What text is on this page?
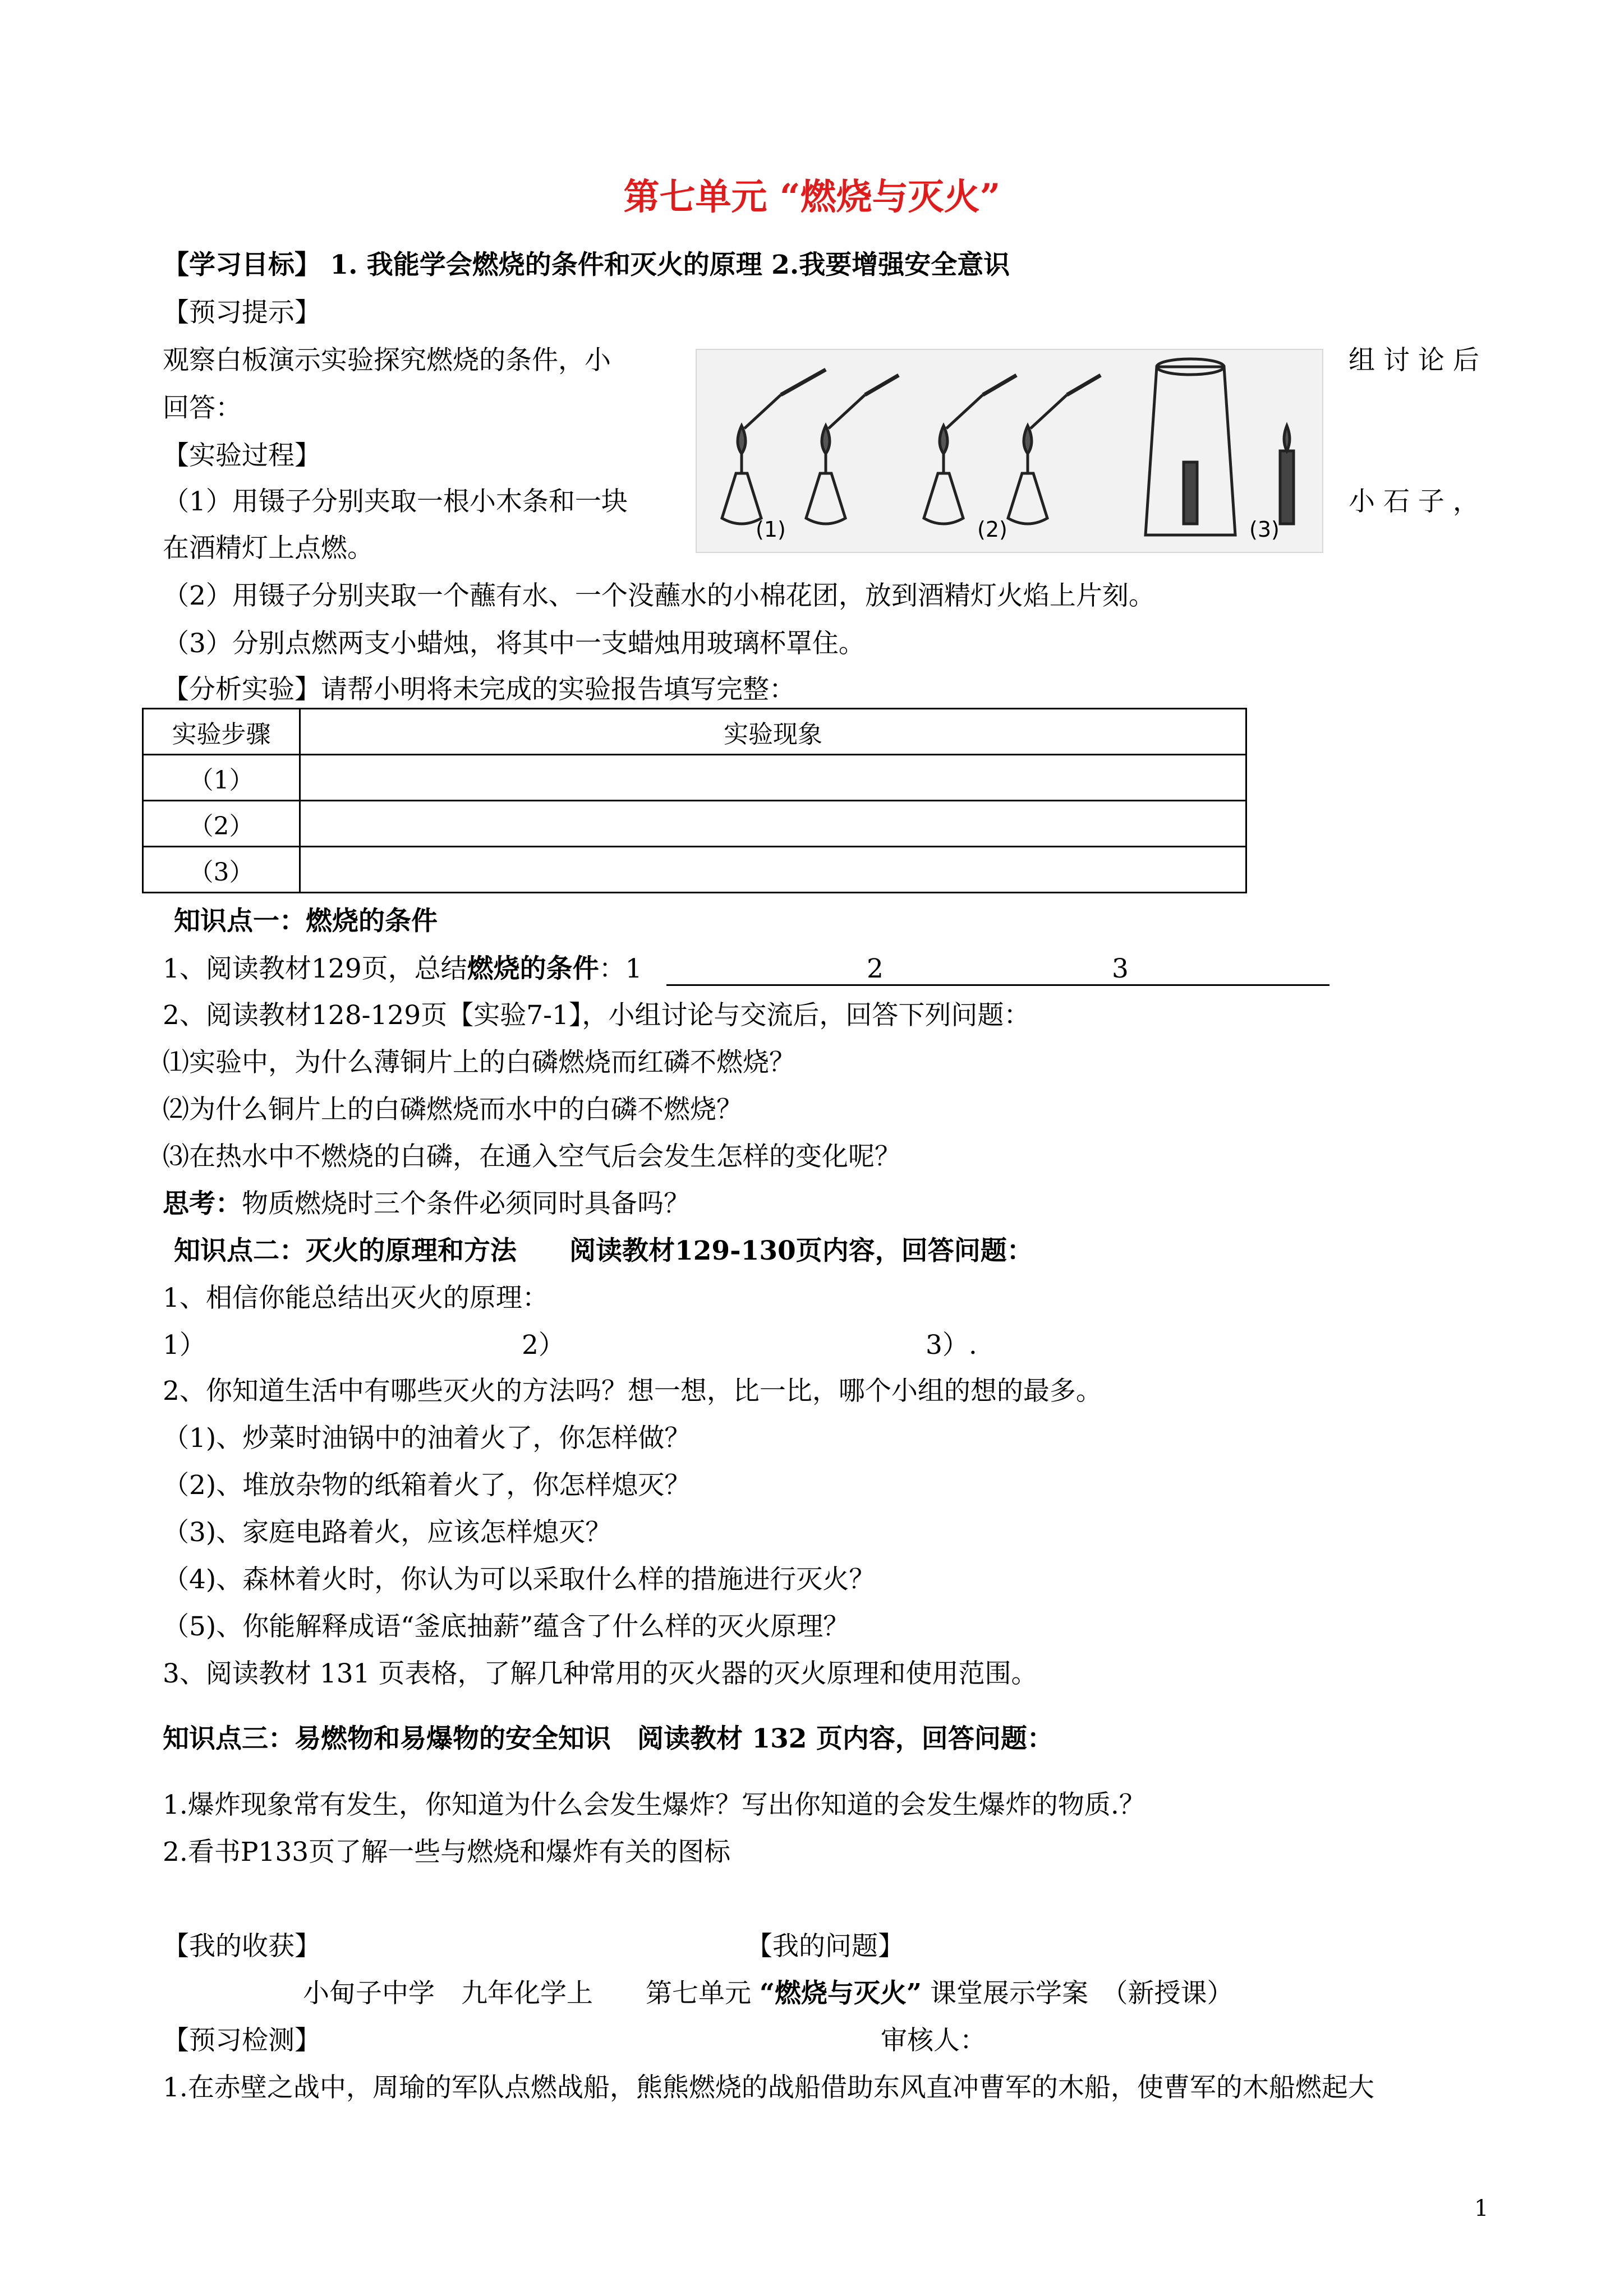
第七单元 “燃烧与灭火”
【学习目标】 1. 我能学会燃烧的条件和灭火的原理 2.我要增强安全意识
【预习提示】
观察白板演示实验探究燃烧的条件，小	组 讨 论 后
回答：
【实验过程】
（1）用镊子分别夹取一根小木条和一块	小 石 子 ，
在酒精灯上点燃。
（2）用镊子分别夹取一个蘸有水、一个没蘸水的小棉花团，放到酒精灯火焰上片刻。
（3）分别点燃两支小蜡烛，将其中一支蜡烛用玻璃杯罩住。
【分析实验】请帮小明将未完成的实验报告填写完整：
(1)	(2)	(3)
实验步骤	实验现象
（1）	
（2）	
（3）	
知识点一：燃烧的条件
1、阅读教材129页，总结燃烧的条件：1	2	3
2、阅读教材128-129页【实验7-1】，小组讨论与交流后，回答下列问题：
⑴实验中，为什么薄铜片上的白磷燃烧而红磷不燃烧？
⑵为什么铜片上的白磷燃烧而水中的白磷不燃烧？
⑶在热水中不燃烧的白磷，在通入空气后会发生怎样的变化呢？
思考：物质燃烧时三个条件必须同时具备吗？
知识点二：灭火的原理和方法　　阅读教材129-130页内容，回答问题：
1、相信你能总结出灭火的原理：
1）	2）	3）.
2、你知道生活中有哪些灭火的方法吗？想一想，比一比，哪个小组的想的最多。
（1)、炒菜时油锅中的油着火了，你怎样做？
（2)、堆放杂物的纸箱着火了，你怎样熄灭？
（3)、家庭电路着火，应该怎样熄灭？
（4)、森林着火时，你认为可以采取什么样的措施进行灭火？
（5)、你能解释成语“釜底抽薪”蕴含了什么样的灭火原理？
3、阅读教材 131 页表格，了解几种常用的灭火器的灭火原理和使用范围。
知识点三：易燃物和易爆物的安全知识　阅读教材 132 页内容，回答问题：
1.爆炸现象常有发生，你知道为什么会发生爆炸？写出你知道的会发生爆炸的物质.？
2.看书P133页了解一些与燃烧和爆炸有关的图标
【我的收获】	【我的问题】
小甸子中学　九年化学上　　第七单元 “燃烧与灭火” 课堂展示学案　（新授课）
【预习检测】	审核人：
1.在赤壁之战中，周瑜的军队点燃战船，熊熊燃烧的战船借助东风直冲曹军的木船，使曹军的木船燃起大
1
